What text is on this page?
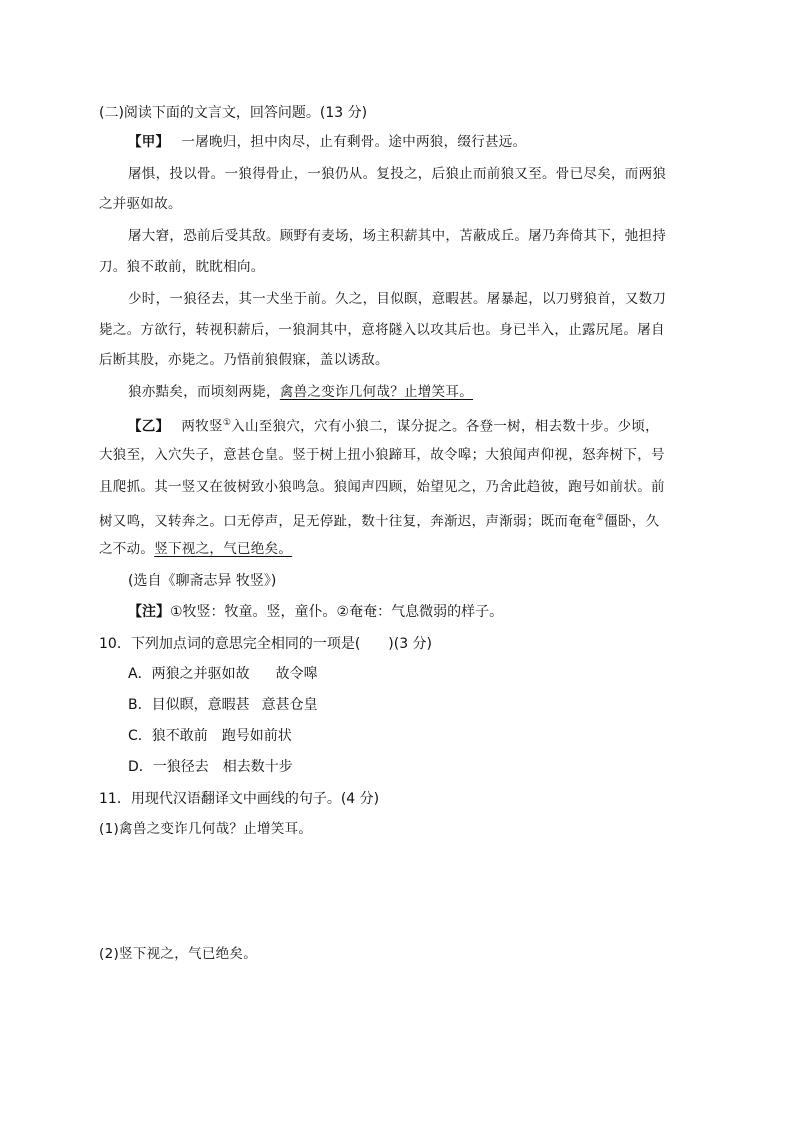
(二)阅读下面的文言文，回答问题。(13 分)
【甲】 一屠晚归，担中肉尽，止有剩骨。途中两狼，缀行甚远。
屠惧，投以骨。一狼得骨止，一狼仍从。复投之，后狼止而前狼又至。骨已尽矣，而两狼
之并驱如故。
屠大窘，恐前后受其敌。顾野有麦场，场主积薪其中，苫蔽成丘。屠乃奔倚其下，弛担持
刀。狼不敢前，眈眈相向。
少时，一狼径去，其一犬坐于前。久之，目似瞑，意暇甚。屠暴起，以刀劈狼首，又数刀
毙之。方欲行，转视积薪后，一狼洞其中，意将隧入以攻其后也。身已半入，止露尻尾。屠自
后断其股，亦毙之。乃悟前狼假寐，盖以诱敌。
狼亦黠矣，而顷刻两毙，禽兽之变诈几何哉？止增笑耳。
【乙】 两牧竖①入山至狼穴，穴有小狼二，谋分捉之。各登一树，相去数十步。少顷，
大狼至，入穴失子，意甚仓皇。竖于树上扭小狼蹄耳，故令嗥；大狼闻声仰视，怒奔树下，号
且爬抓。其一竖又在彼树致小狼鸣急。狼闻声四顾，始望见之，乃舍此趋彼，跑号如前状。前
树又鸣，又转奔之。口无停声，足无停趾，数十往复，奔渐迟，声渐弱；既而奄奄②僵卧，久
之不动。竖下视之，气已绝矣。
(选自《聊斋志异 牧竖》)
【注】①牧竖：牧童。竖，童仆。②奄奄：气息微弱的样子。
10．下列加点词的意思完全相同的一项是(　　)(3 分)
A．两狼之并驱如故 故令嗥
B．目似瞑，意暇甚 意甚仓皇
C．狼不敢前 跑号如前状
D．一狼径去 相去数十步
11．用现代汉语翻译文中画线的句子。(4 分)
(1)禽兽之变诈几何哉？止增笑耳。
(2)竖下视之，气已绝矣。
